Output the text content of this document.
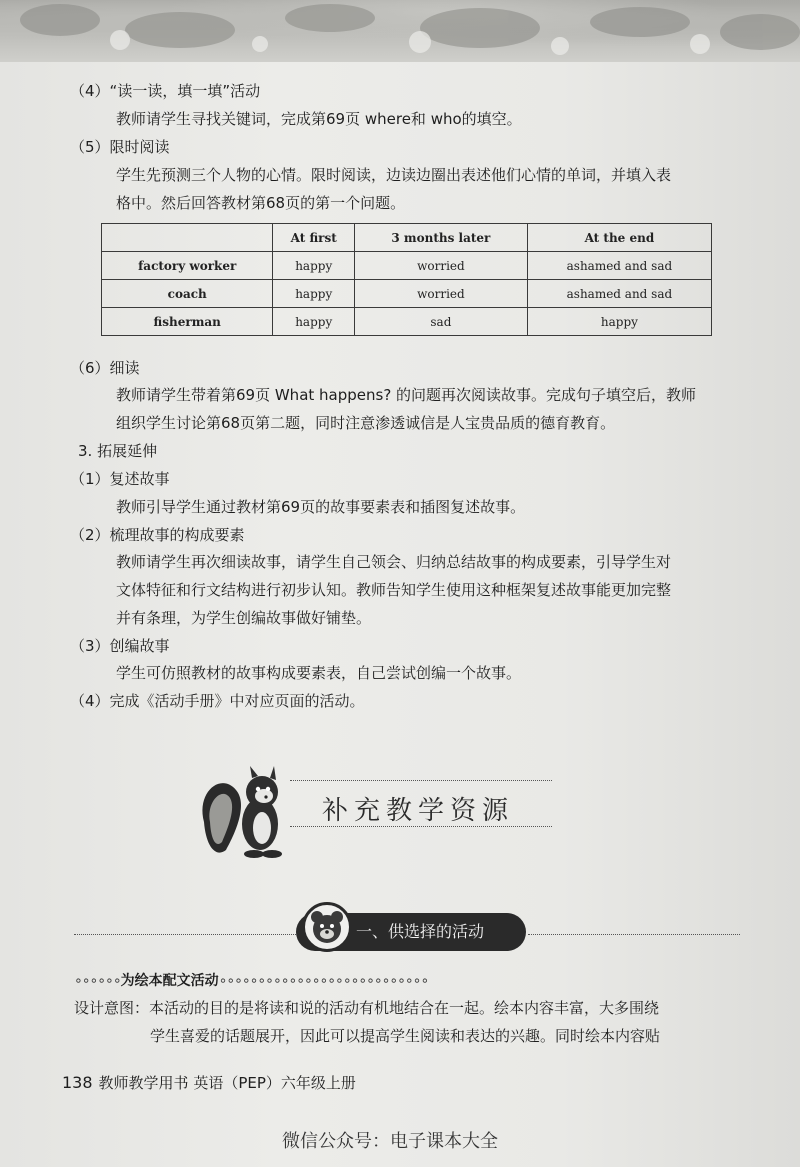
（4）“读一读，填一填”活动
教师请学生寻找关键词，完成第69页 where和 who的填空。
（5）限时阅读
学生先预测三个人物的心情。限时阅读，边读边圈出表述他们心情的单词，并填入表
格中。然后回答教材第68页的第一个问题。
	At first	3 months later	At the end
factory worker	happy	worried	ashamed and sad
coach	happy	worried	ashamed and sad
fisherman	happy	sad	happy
（6）细读
教师请学生带着第69页 What happens? 的问题再次阅读故事。完成句子填空后，教师
组织学生讨论第68页第二题，同时注意渗透诚信是人宝贵品质的德育教育。
3. 拓展延伸
（1）复述故事
教师引导学生通过教材第69页的故事要素表和插图复述故事。
（2）梳理故事的构成要素
教师请学生再次细读故事，请学生自己领会、归纳总结故事的构成要素，引导学生对
文体特征和行文结构进行初步认知。教师告知学生使用这种框架复述故事能更加完整
并有条理，为学生创编故事做好铺垫。
（3）创编故事
学生可仿照教材的故事构成要素表，自己尝试创编一个故事。
（4）完成《活动手册》中对应页面的活动。
补充教学资源
一、供选择的活动
∘∘∘∘∘∘为绘本配文活动∘∘∘∘∘∘∘∘∘∘∘∘∘∘∘∘∘∘∘∘∘∘∘∘∘∘∘
设计意图：本活动的目的是将读和说的活动有机地结合在一起。绘本内容丰富，大多围绕
学生喜爱的话题展开，因此可以提高学生阅读和表达的兴趣。同时绘本内容贴
138 教师教学用书 英语（PEP）六年级上册
微信公众号：电子课本大全
